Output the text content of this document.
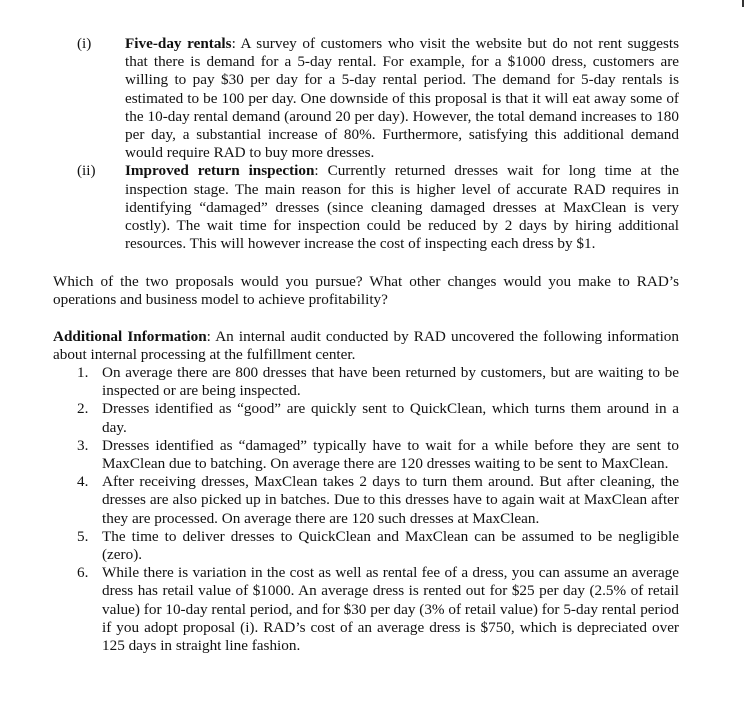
(i) Five-day rentals: A survey of customers who visit the website but do not rent suggests that there is demand for a 5-day rental. For example, for a $1000 dress, customers are willing to pay $30 per day for a 5-day rental period. The demand for 5-day rentals is estimated to be 100 per day. One downside of this proposal is that it will eat away some of the 10-day rental demand (around 20 per day). However, the total demand increases to 180 per day, a substantial increase of 80%. Furthermore, satisfying this additional demand would require RAD to buy more dresses.
(ii) Improved return inspection: Currently returned dresses wait for long time at the inspection stage. The main reason for this is higher level of accurate RAD requires in identifying “damaged” dresses (since cleaning damaged dresses at MaxClean is very costly). The wait time for inspection could be reduced by 2 days by hiring additional resources. This will however increase the cost of inspecting each dress by $1.
Which of the two proposals would you pursue? What other changes would you make to RAD’s operations and business model to achieve profitability?
Additional Information: An internal audit conducted by RAD uncovered the following information about internal processing at the fulfillment center.
1. On average there are 800 dresses that have been returned by customers, but are waiting to be inspected or are being inspected.
2. Dresses identified as “good” are quickly sent to QuickClean, which turns them around in a day.
3. Dresses identified as “damaged” typically have to wait for a while before they are sent to MaxClean due to batching. On average there are 120 dresses waiting to be sent to MaxClean.
4. After receiving dresses, MaxClean takes 2 days to turn them around. But after cleaning, the dresses are also picked up in batches. Due to this dresses have to again wait at MaxClean after they are processed. On average there are 120 such dresses at MaxClean.
5. The time to deliver dresses to QuickClean and MaxClean can be assumed to be negligible (zero).
6. While there is variation in the cost as well as rental fee of a dress, you can assume an average dress has retail value of $1000. An average dress is rented out for $25 per day (2.5% of retail value) for 10-day rental period, and for $30 per day (3% of retail value) for 5-day rental period if you adopt proposal (i). RAD’s cost of an average dress is $750, which is depreciated over 125 days in straight line fashion.
